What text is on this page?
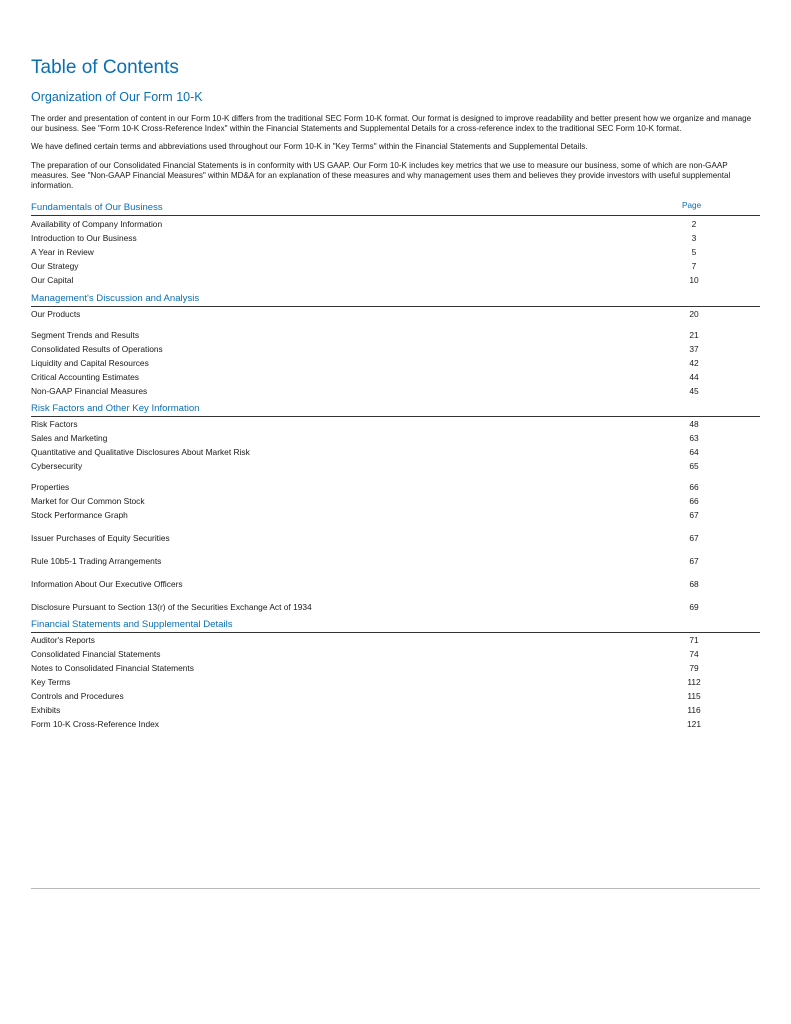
Table of Contents
Organization of Our Form 10-K

The order and presentation of content in our Form 10-K differs from the traditional SEC Form 10-K format. Our format is designed to improve readability and better present how we organize and manage our business. See "Form 10-K Cross-Reference Index" within the Financial Statements and Supplemental Details for a cross-reference index to the traditional SEC Form 10-K format.

We have defined certain terms and abbreviations used throughout our Form 10-K in "Key Terms" within the Financial Statements and Supplemental Details.

The preparation of our Consolidated Financial Statements is in conformity with US GAAP. Our Form 10-K includes key metrics that we use to measure our business, some of which are non-GAAP measures. See "Non-GAAP Financial Measures" within MD&A for an explanation of these measures and why management uses them and believes they provide investors with useful supplemental information.

Fundamentals of Our Business	Page
Availability of Company Information	2
Introduction to Our Business	3
A Year in Review	5
Our Strategy	7
Our Capital	10
Management's Discussion and Analysis
Our Products	20
Segment Trends and Results	21
Consolidated Results of Operations	37
Liquidity and Capital Resources	42
Critical Accounting Estimates	44
Non-GAAP Financial Measures	45
Risk Factors and Other Key Information
Risk Factors	48
Sales and Marketing	63
Quantitative and Qualitative Disclosures About Market Risk	64
Cybersecurity	65
Properties	66
Market for Our Common Stock	66
Stock Performance Graph	67
Issuer Purchases of Equity Securities	67
Rule 10b5-1 Trading Arrangements	67
Information About Our Executive Officers	68
Disclosure Pursuant to Section 13(r) of the Securities Exchange Act of 1934	69
Financial Statements and Supplemental Details
Auditor's Reports	71
Consolidated Financial Statements	74
Notes to Consolidated Financial Statements	79
Key Terms	112
Controls and Procedures	115
Exhibits	116
Form 10-K Cross-Reference Index	121
